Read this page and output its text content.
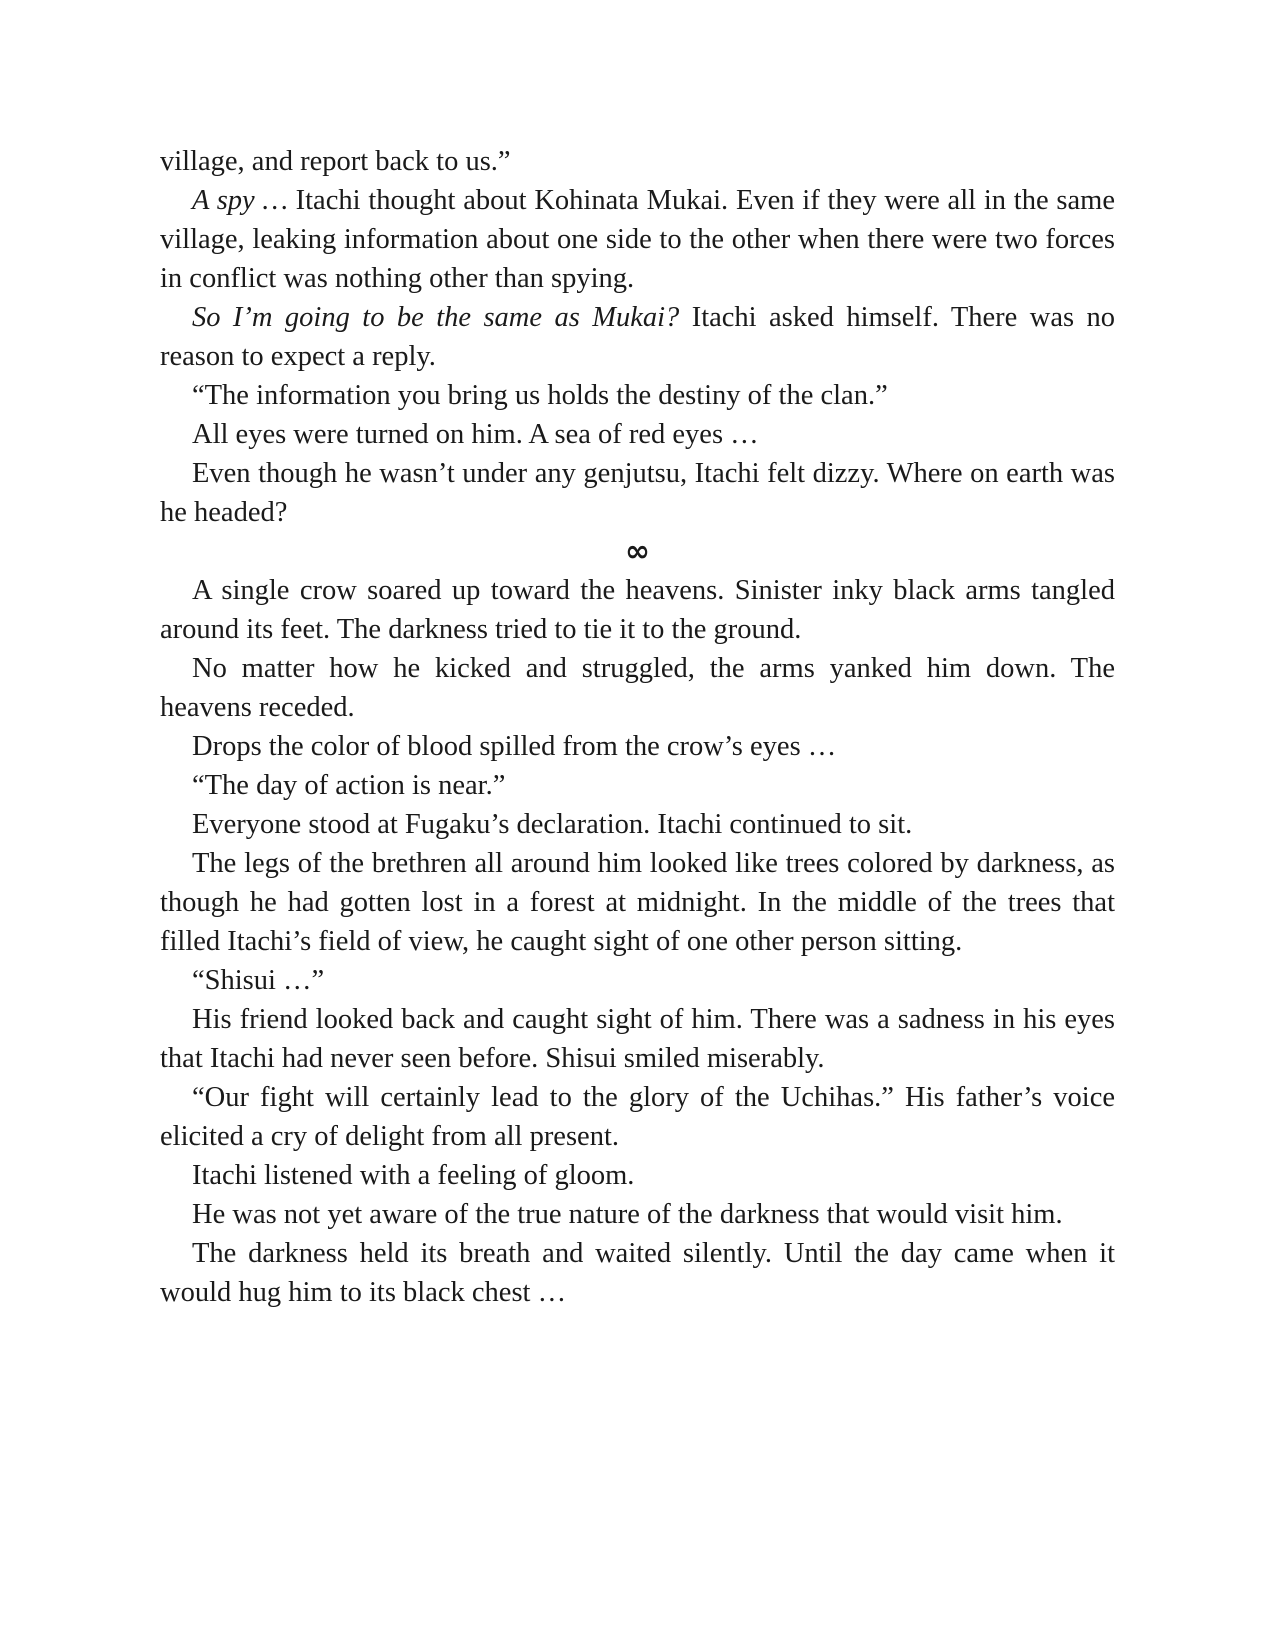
village, and report back to us.”

A spy … Itachi thought about Kohinata Mukai. Even if they were all in the same village, leaking information about one side to the other when there were two forces in conflict was nothing other than spying.

So I’m going to be the same as Mukai? Itachi asked himself. There was no reason to expect a reply.

“The information you bring us holds the destiny of the clan.”

All eyes were turned on him. A sea of red eyes …

Even though he wasn’t under any genjutsu, Itachi felt dizzy. Where on earth was he headed?

∞

A single crow soared up toward the heavens. Sinister inky black arms tangled around its feet. The darkness tried to tie it to the ground.

No matter how he kicked and struggled, the arms yanked him down. The heavens receded.

Drops the color of blood spilled from the crow’s eyes …

“The day of action is near.”

Everyone stood at Fugaku’s declaration. Itachi continued to sit.

The legs of the brethren all around him looked like trees colored by darkness, as though he had gotten lost in a forest at midnight. In the middle of the trees that filled Itachi’s field of view, he caught sight of one other person sitting.

“Shisui …”

His friend looked back and caught sight of him. There was a sadness in his eyes that Itachi had never seen before. Shisui smiled miserably.

“Our fight will certainly lead to the glory of the Uchihas.” His father’s voice elicited a cry of delight from all present.

Itachi listened with a feeling of gloom.

He was not yet aware of the true nature of the darkness that would visit him.

The darkness held its breath and waited silently. Until the day came when it would hug him to its black chest …
